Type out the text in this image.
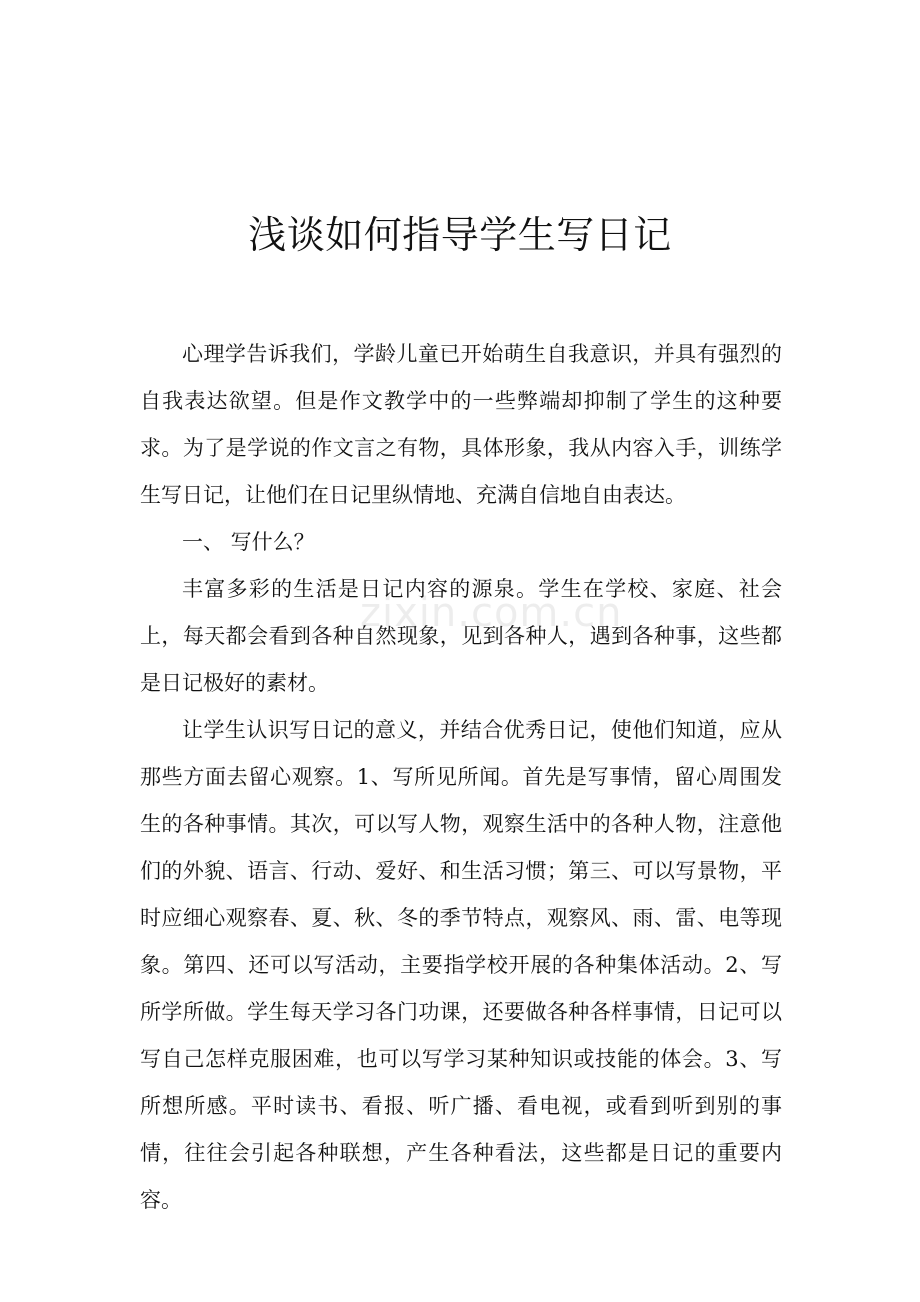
浅谈如何指导学生写日记
zixin.com.cn

心理学告诉我们，学龄儿童已开始萌生自我意识，并具有强烈的自我表达欲望。但是作文教学中的一些弊端却抑制了学生的这种要求。为了是学说的作文言之有物，具体形象，我从内容入手，训练学生写日记，让他们在日记里纵情地、充满自信地自由表达。

一、 写什么？

丰富多彩的生活是日记内容的源泉。学生在学校、家庭、社会上，每天都会看到各种自然现象，见到各种人，遇到各种事，这些都是日记极好的素材。

让学生认识写日记的意义，并结合优秀日记，使他们知道，应从那些方面去留心观察。1、写所见所闻。首先是写事情，留心周围发生的各种事情。其次，可以写人物，观察生活中的各种人物，注意他们的外貌、语言、行动、爱好、和生活习惯；第三、可以写景物，平时应细心观察春、夏、秋、冬的季节特点，观察风、雨、雷、电等现象。第四、还可以写活动，主要指学校开展的各种集体活动。2、写所学所做。学生每天学习各门功课，还要做各种各样事情，日记可以写自己怎样克服困难，也可以写学习某种知识或技能的体会。3、写所想所感。平时读书、看报、听广播、看电视，或看到听到别的事情，往往会引起各种联想，产生各种看法，这些都是日记的重要内容。
